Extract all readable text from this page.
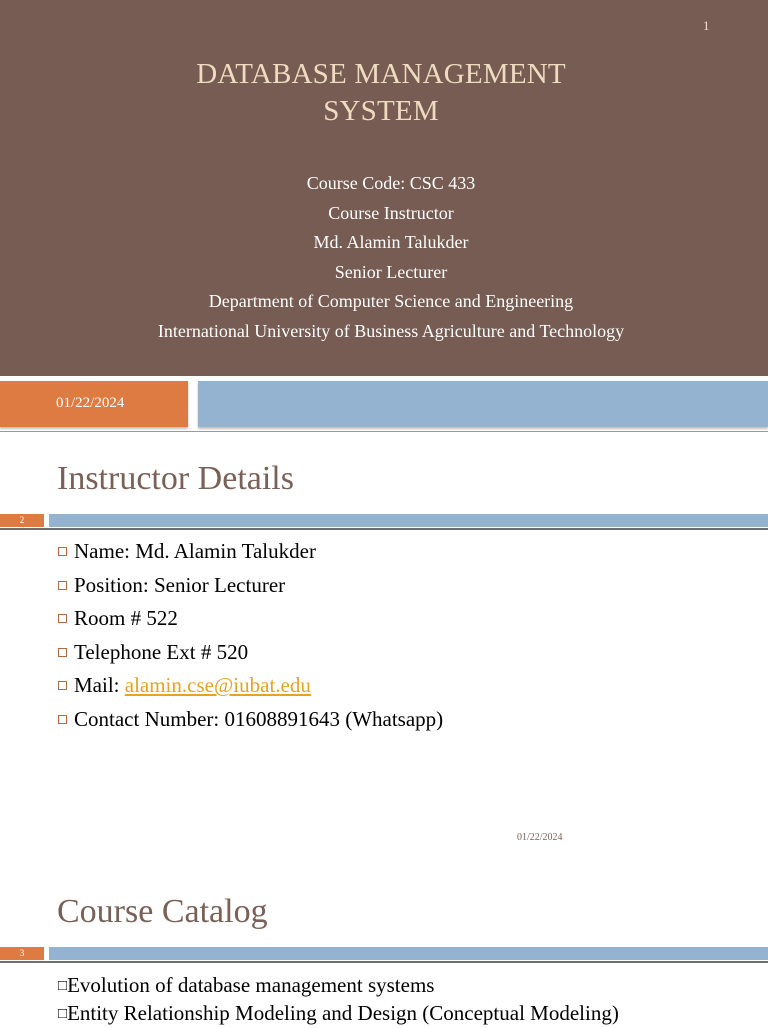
1
DATABASE MANAGEMENT
SYSTEM
Course Code: CSC 433
Course Instructor
Md. Alamin Talukder
Senior Lecturer
Department of Computer Science and Engineering
International University of Business Agriculture and Technology
01/22/2024
Instructor Details
2
Name: Md. Alamin Talukder
Position: Senior Lecturer
Room # 522
Telephone Ext # 520
Mail: alamin.cse@iubat.edu
Contact Number: 01608891643 (Whatsapp)
01/22/2024
Course Catalog
3
□Evolution of database management systems
□Entity Relationship Modeling and Design (Conceptual Modeling)
